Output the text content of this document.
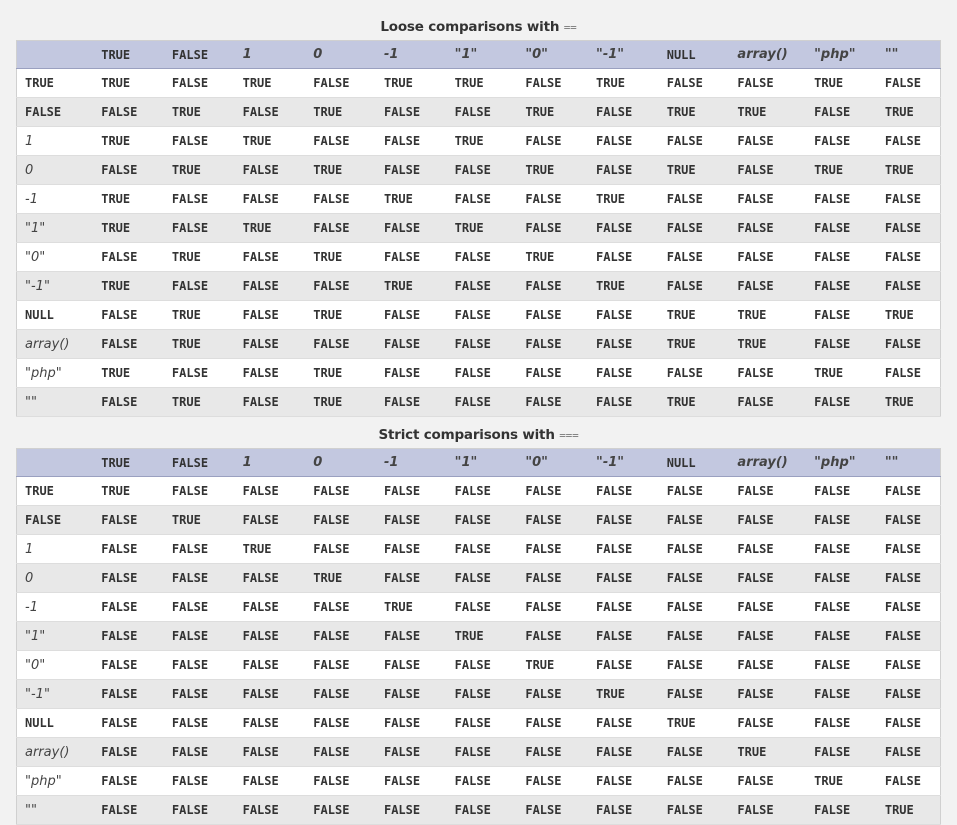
Loose comparisons with ==
	TRUE	FALSE	1	0	-1	"1"	"0"	"-1"	NULL	array()	"php"	""
TRUE	TRUE	FALSE	TRUE	FALSE	TRUE	TRUE	FALSE	TRUE	FALSE	FALSE	TRUE	FALSE
FALSE	FALSE	TRUE	FALSE	TRUE	FALSE	FALSE	TRUE	FALSE	TRUE	TRUE	FALSE	TRUE
1	TRUE	FALSE	TRUE	FALSE	FALSE	TRUE	FALSE	FALSE	FALSE	FALSE	FALSE	FALSE
0	FALSE	TRUE	FALSE	TRUE	FALSE	FALSE	TRUE	FALSE	TRUE	FALSE	TRUE	TRUE
-1	TRUE	FALSE	FALSE	FALSE	TRUE	FALSE	FALSE	TRUE	FALSE	FALSE	FALSE	FALSE
"1"	TRUE	FALSE	TRUE	FALSE	FALSE	TRUE	FALSE	FALSE	FALSE	FALSE	FALSE	FALSE
"0"	FALSE	TRUE	FALSE	TRUE	FALSE	FALSE	TRUE	FALSE	FALSE	FALSE	FALSE	FALSE
"-1"	TRUE	FALSE	FALSE	FALSE	TRUE	FALSE	FALSE	TRUE	FALSE	FALSE	FALSE	FALSE
NULL	FALSE	TRUE	FALSE	TRUE	FALSE	FALSE	FALSE	FALSE	TRUE	TRUE	FALSE	TRUE
array()	FALSE	TRUE	FALSE	FALSE	FALSE	FALSE	FALSE	FALSE	TRUE	TRUE	FALSE	FALSE
"php"	TRUE	FALSE	FALSE	TRUE	FALSE	FALSE	FALSE	FALSE	FALSE	FALSE	TRUE	FALSE
""	FALSE	TRUE	FALSE	TRUE	FALSE	FALSE	FALSE	FALSE	TRUE	FALSE	FALSE	TRUE
Strict comparisons with ===
	TRUE	FALSE	1	0	-1	"1"	"0"	"-1"	NULL	array()	"php"	""
TRUE	TRUE	FALSE	FALSE	FALSE	FALSE	FALSE	FALSE	FALSE	FALSE	FALSE	FALSE	FALSE
FALSE	FALSE	TRUE	FALSE	FALSE	FALSE	FALSE	FALSE	FALSE	FALSE	FALSE	FALSE	FALSE
1	FALSE	FALSE	TRUE	FALSE	FALSE	FALSE	FALSE	FALSE	FALSE	FALSE	FALSE	FALSE
0	FALSE	FALSE	FALSE	TRUE	FALSE	FALSE	FALSE	FALSE	FALSE	FALSE	FALSE	FALSE
-1	FALSE	FALSE	FALSE	FALSE	TRUE	FALSE	FALSE	FALSE	FALSE	FALSE	FALSE	FALSE
"1"	FALSE	FALSE	FALSE	FALSE	FALSE	TRUE	FALSE	FALSE	FALSE	FALSE	FALSE	FALSE
"0"	FALSE	FALSE	FALSE	FALSE	FALSE	FALSE	TRUE	FALSE	FALSE	FALSE	FALSE	FALSE
"-1"	FALSE	FALSE	FALSE	FALSE	FALSE	FALSE	FALSE	TRUE	FALSE	FALSE	FALSE	FALSE
NULL	FALSE	FALSE	FALSE	FALSE	FALSE	FALSE	FALSE	FALSE	TRUE	FALSE	FALSE	FALSE
array()	FALSE	FALSE	FALSE	FALSE	FALSE	FALSE	FALSE	FALSE	FALSE	TRUE	FALSE	FALSE
"php"	FALSE	FALSE	FALSE	FALSE	FALSE	FALSE	FALSE	FALSE	FALSE	FALSE	TRUE	FALSE
""	FALSE	FALSE	FALSE	FALSE	FALSE	FALSE	FALSE	FALSE	FALSE	FALSE	FALSE	TRUE
